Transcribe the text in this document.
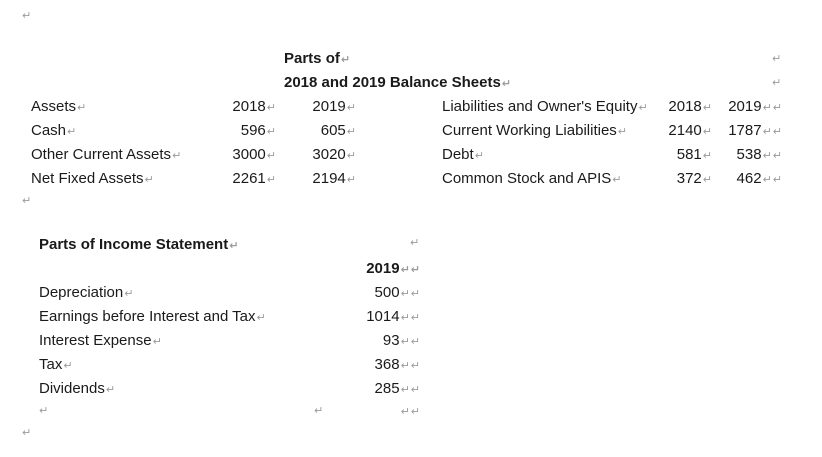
↵
Parts of↵	↵
2018 and 2019 Balance Sheets↵	↵
Assets↵	2018↵	2019↵	Liabilities and Owner's Equity↵	2018↵	2019↵↵
Cash↵	596↵	605↵	Current Working Liabilities↵	2140↵	1787↵↵
Other Current Assets↵	3000↵	3020↵	Debt↵	581↵	538↵↵
Net Fixed Assets↵	2261↵	2194↵	Common Stock and APIS↵	372↵	462↵↵
↵
Parts of Income Statement↵	↵
2019↵↵
Depreciation↵	500↵↵
Earnings before Interest and Tax↵	1014↵↵
Interest Expense↵	93↵↵
Tax↵	368↵↵
Dividends↵	285↵↵
↵	↵	↵↵
↵
